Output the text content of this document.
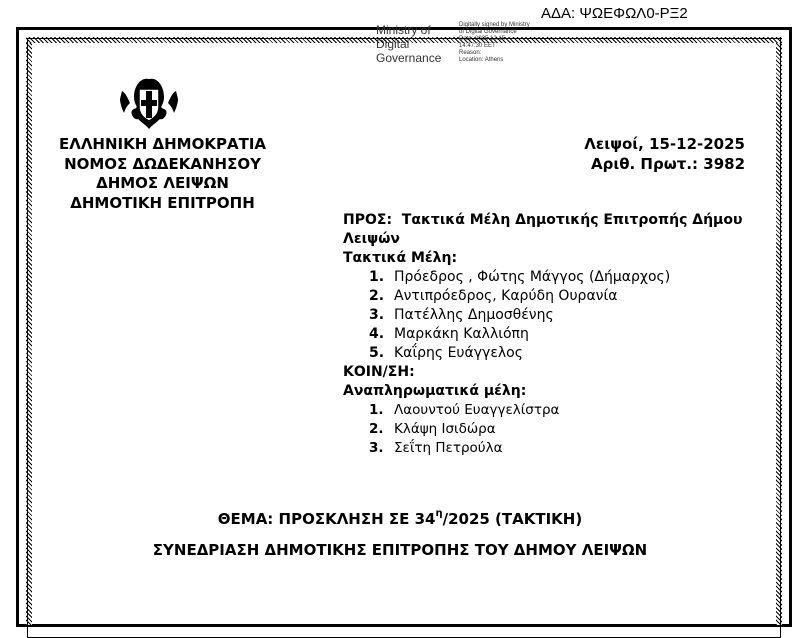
ΑΔΑ: ΨΩΕΦΩΛ0-ΡΞ2
Ministry of
Digital
Governance
Digitally signed by Ministry
of Digital Governance
Date: 2025.12.15
14:47:30 EET
Reason:
Location: Athens
ΕΛΛΗΝΙΚΗ ΔΗΜΟΚΡΑΤΙΑ
ΝΟΜΟΣ ΔΩΔΕΚΑΝΗΣΟΥ
ΔΗΜΟΣ ΛΕΙΨΩΝ
ΔΗΜΟΤΙΚΗ ΕΠΙΤΡΟΠΗ
Λειψοί, 15-12-2025
Αριθ. Πρωτ.: 3982
ΠΡΟΣ: Τακτικά Μέλη Δημοτικής Επιτροπής Δήμου
Λειψών
Τακτικά Μέλη:
1. Πρόεδρος , Φώτης Μάγγος (Δήμαρχος)
2. Αντιπρόεδρος, Καρύδη Ουρανία
3. Πατέλλης Δημοσθένης
4. Μαρκάκη Καλλιόπη
5. Καΐρης Ευάγγελος
ΚΟΙΝ/ΣΗ:
Αναπληρωματικά μέλη:
1. Λαουντού Ευαγγελίστρα
2. Κλάψη Ισιδώρα
3. Σεΐτη Πετρούλα
ΘΕΜΑ: ΠΡΟΣΚΛΗΣΗ ΣΕ $34^\eta/2025$ (ΤΑΚΤΙΚΗ)
ΣΥΝΕΔΡΙΑΣΗ ΔΗΜΟΤΙΚΗΣ ΕΠΙΤΡΟΠΗΣ ΤΟΥ ΔΗΜΟΥ ΛΕΙΨΩΝ
